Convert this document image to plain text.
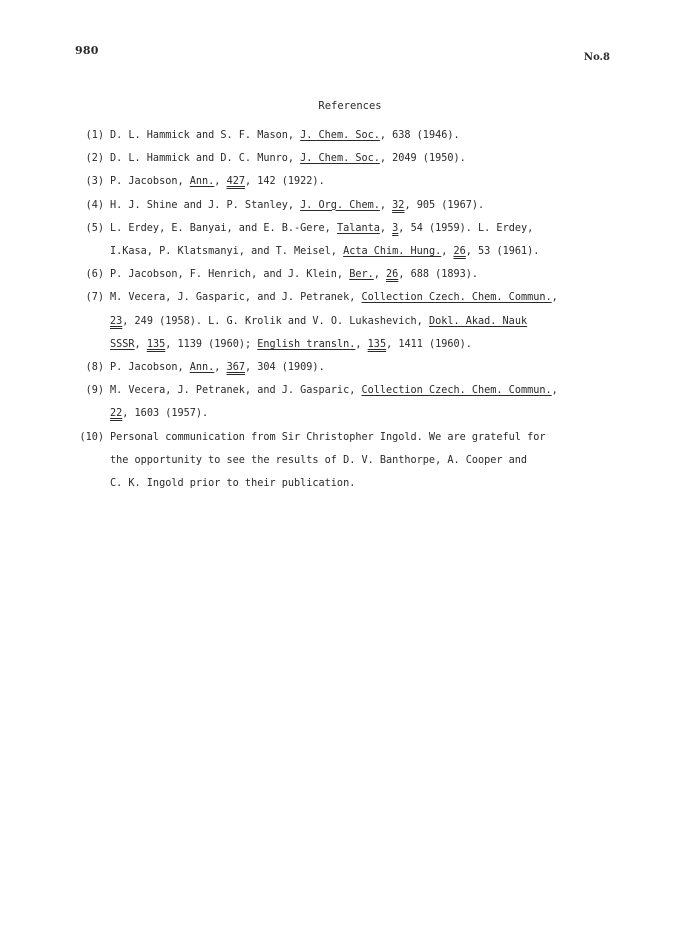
980
No.8
References
(1) D. L. Hammick and S. F. Mason, J. Chem. Soc., 638 (1946).
(2) D. L. Hammick and D. C. Munro, J. Chem. Soc., 2049 (1950).
(3) P. Jacobson, Ann., 427, 142 (1922).
(4) H. J. Shine and J. P. Stanley, J. Org. Chem., 32, 905 (1967).
(5) L. Erdey, E. Banyai, and E. B.-Gere, Talanta, 3, 54 (1959). L. Erdey,
I.Kasa, P. Klatsmanyi, and T. Meisel, Acta Chim. Hung., 26, 53 (1961).
(6) P. Jacobson, F. Henrich, and J. Klein, Ber., 26, 688 (1893).
(7) M. Vecera, J. Gasparic, and J. Petranek, Collection Czech. Chem. Commun.,
23, 249 (1958). L. G. Krolik and V. O. Lukashevich, Dokl. Akad. Nauk
SSSR, 135, 1139 (1960); English transln., 135, 1411 (1960).
(8) P. Jacobson, Ann., 367, 304 (1909).
(9) M. Vecera, J. Petranek, and J. Gasparic, Collection Czech. Chem. Commun.,
22, 1603 (1957).
(10) Personal communication from Sir Christopher Ingold. We are grateful for
the opportunity to see the results of D. V. Banthorpe, A. Cooper and
C. K. Ingold prior to their publication.
